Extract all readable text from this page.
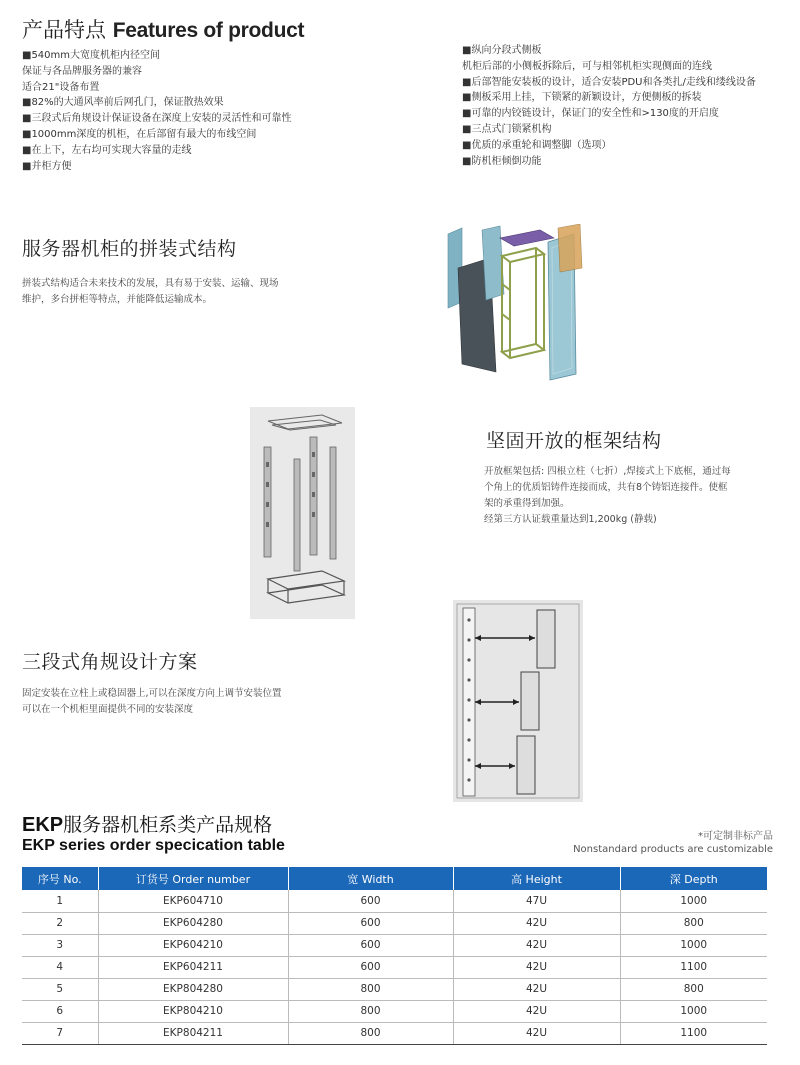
产品特点 Features of product
■540mm大宽度机柜内径空间
保证与各品牌服务器的兼容
适合21"设备布置
■82%的大通风率前后网孔门，保证散热效果
■三段式后角规设计保证设备在深度上安装的灵活性和可靠性
■1000mm深度的机柜，在后部留有最大的布线空间
■在上下，左右均可实现大容量的走线
■并柜方便
■纵向分段式侧板
机柜后部的小侧板拆除后，可与相邻机柜实现侧面的连线
■后部智能安装板的设计，适合安装PDU和各类扎/走线和缕线设备
■侧板采用上挂，下锁紧的新颖设计，方便侧板的拆装
■可靠的内铰链设计，保证门的安全性和>130度的开启度
■三点式门锁紧机构
■优质的承重轮和调整脚（选项）
■防机柜倾倒功能
服务器机柜的拼装式结构
拼装式结构适合未来技术的发展，具有易于安装、运输、现场
维护，多台拼柜等特点，并能降低运输成本。
坚固开放的框架结构
开放框架包括: 四根立柱（七折）,焊接式上下底框，通过每
个角上的优质铝铸件连接而成，共有8个铸铝连接件。使框
架的承重得到加强。
经第三方认证载重量达到1,200kg (静载)
三段式角规设计方案
固定安装在立柱上或稳固器上,可以在深度方向上调节安装位置
可以在一个机柜里面提供不同的安装深度
EKP服务器机柜系类产品规格
EKP series order specication table
*可定制非标产品
Nonstandard products are customizable
序号 No.	订货号 Order number	宽 Width	高 Height	深 Depth
1	EKP604710	600	47U	1000
2	EKP604280	600	42U	800
3	EKP604210	600	42U	1000
4	EKP604211	600	42U	1100
5	EKP804280	800	42U	800
6	EKP804210	800	42U	1000
7	EKP804211	800	42U	1100
